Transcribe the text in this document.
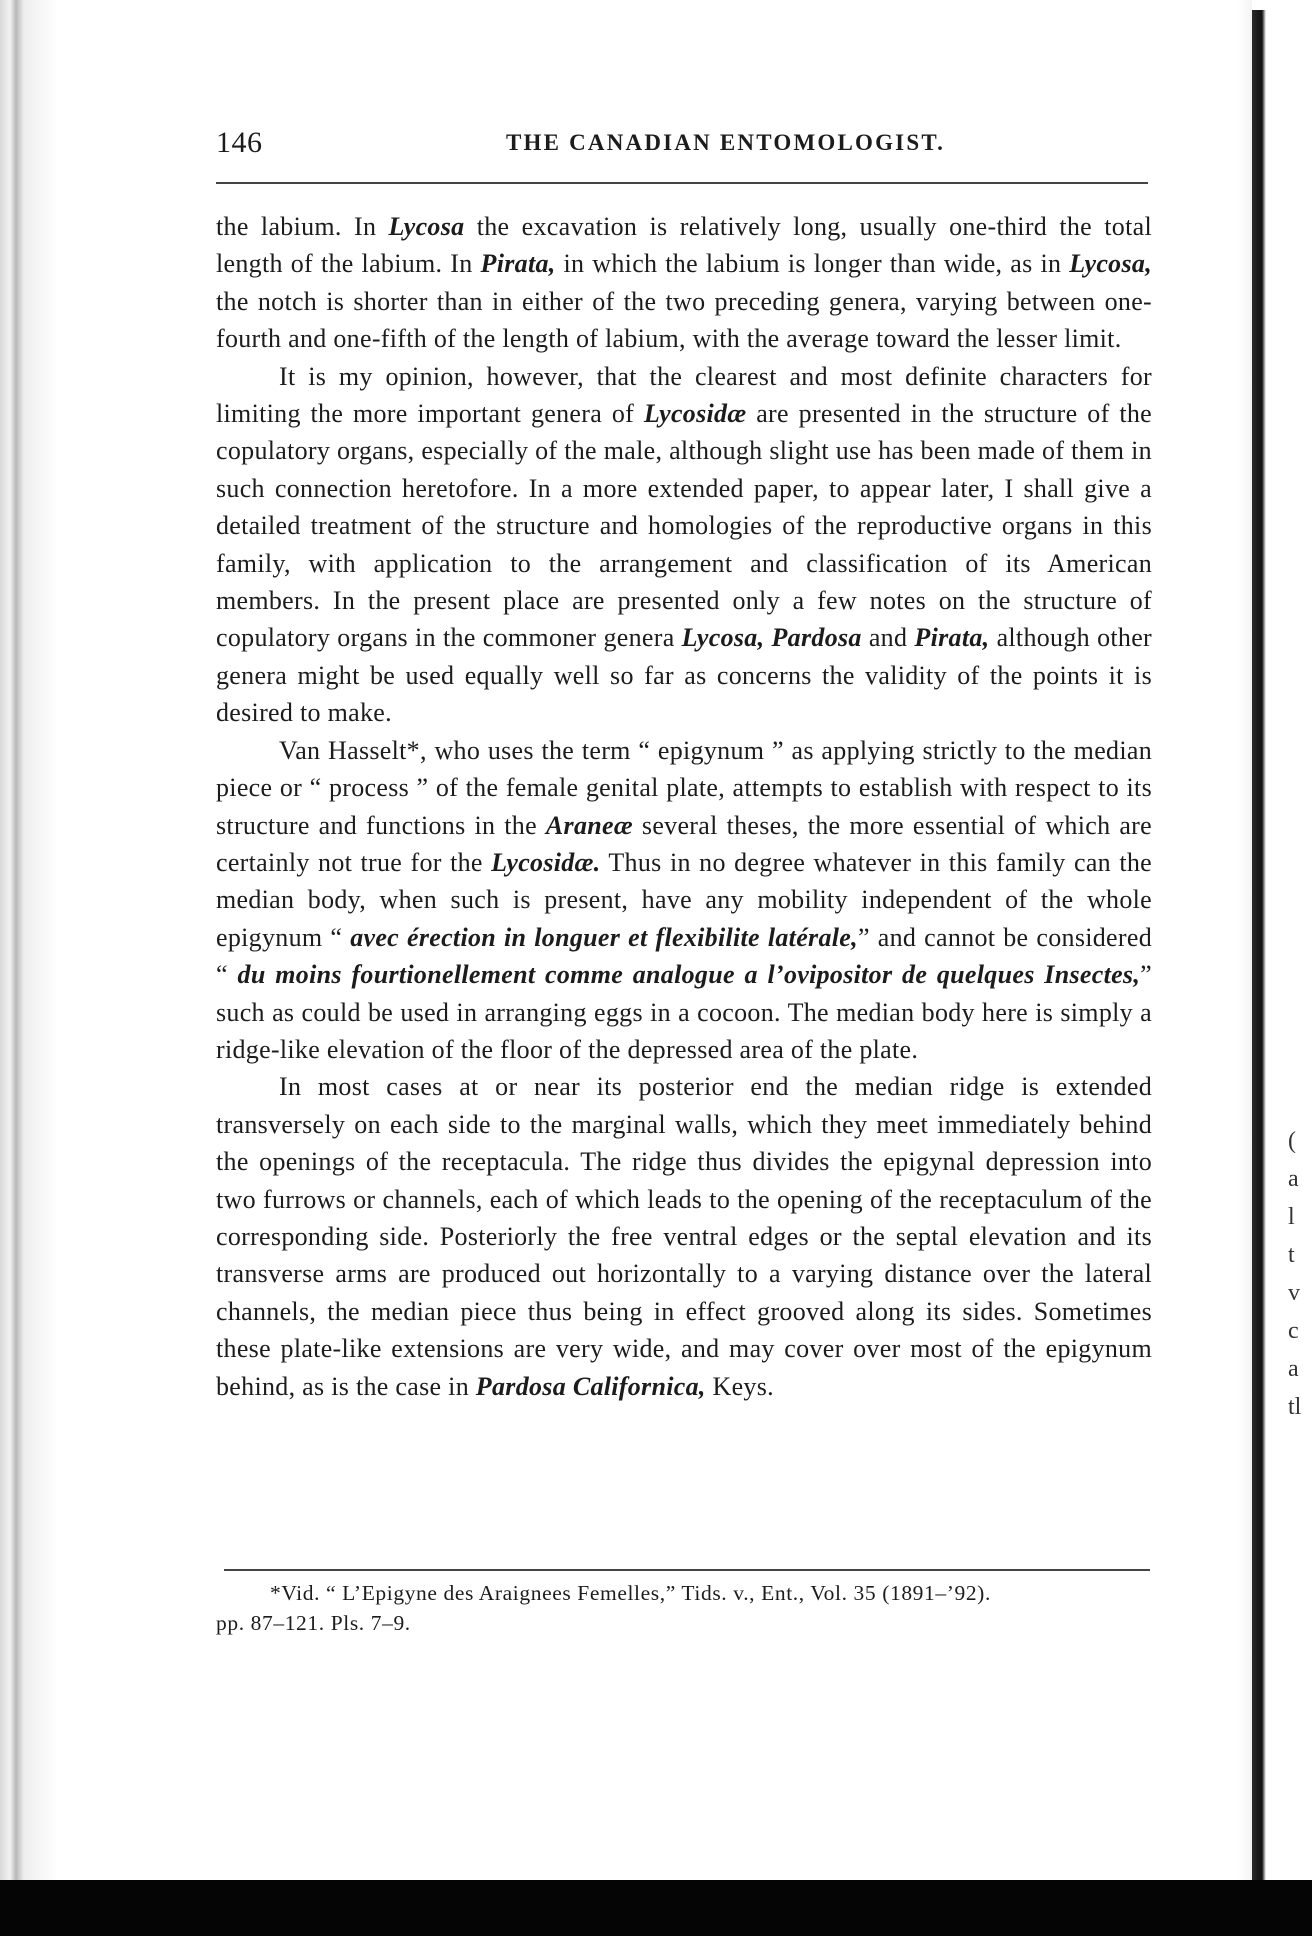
(
a
l
t
v
c
a
tl
146	THE CANADIAN ENTOMOLOGIST.

the labium. In Lycosa the excavation is relatively long, usually one-third the total length of the labium. In Pirata, in which the labium is longer than wide, as in Lycosa, the notch is shorter than in either of the two preceding genera, varying between one-fourth and one-fifth of the length of labium, with the average toward the lesser limit.

It is my opinion, however, that the clearest and most definite characters for limiting the more important genera of Lycosidæ are presented in the structure of the copulatory organs, especially of the male, although slight use has been made of them in such connection heretofore. In a more extended paper, to appear later, I shall give a detailed treatment of the structure and homologies of the reproductive organs in this family, with application to the arrangement and classification of its American members. In the present place are presented only a few notes on the structure of copulatory organs in the commoner genera Lycosa, Pardosa and Pirata, although other genera might be used equally well so far as concerns the validity of the points it is desired to make.

Van Hasselt*, who uses the term “ epigynum ” as applying strictly to the median piece or “ process ” of the female genital plate, attempts to establish with respect to its structure and functions in the Araneæ several theses, the more essential of which are certainly not true for the Lycosidæ. Thus in no degree whatever in this family can the median body, when such is present, have any mobility independent of the whole epigynum “ avec érection in longuer et flexibilite latérale,” and cannot be considered “ du moins fourtionellement comme analogue a l’ovipositor de quelques Insectes,” such as could be used in arranging eggs in a cocoon. The median body here is simply a ridge-like elevation of the floor of the depressed area of the plate.

In most cases at or near its posterior end the median ridge is extended transversely on each side to the marginal walls, which they meet immediately behind the openings of the receptacula. The ridge thus divides the epigynal depression into two furrows or channels, each of which leads to the opening of the receptaculum of the corresponding side. Posteriorly the free ventral edges or the septal elevation and its transverse arms are produced out horizontally to a varying distance over the lateral channels, the median piece thus being in effect grooved along its sides. Sometimes these plate-like extensions are very wide, and may cover over most of the epigynum behind, as is the case in Pardosa Californica, Keys.

*Vid. “ L’Epigyne des Araignees Femelles,” Tids. v., Ent., Vol. 35 (1891–’92).
pp. 87–121. Pls. 7–9.
